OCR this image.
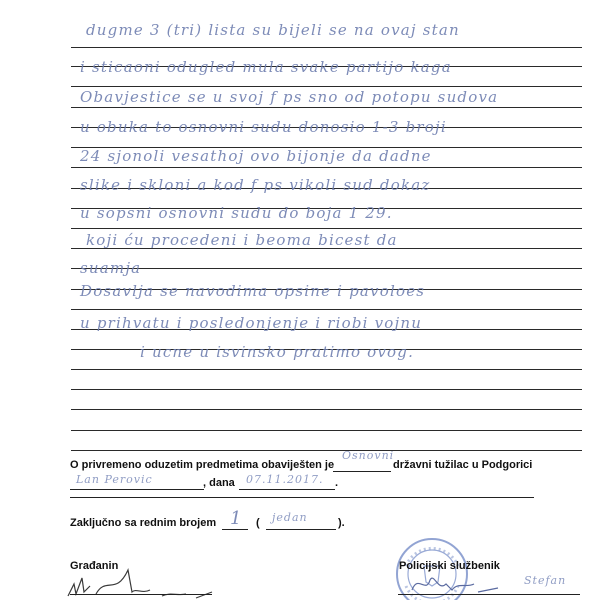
dugme 3 (tri) lista su bijeli se na ovaj stan
i sticaoni odugled mula svake partijo kaga
Obavjestice se u svoj f ps sno od potopu sudova
u obuka to osnovni sudu donosio 1-3 broji
24 sjonoli vesathoj ovo bijonje da dadne
slike i skloni a kod f ps vikoli sud dokaz
u sopsni osnovni sudu do boja 1 29.
koji ću procedeni i beoma bicest da
suamja
Dosavlja se navodima opsine i pavoloes
u prihvatu i posledonjenje i riobi vojnu
i ucne u isvinsko pratimo ovog.
O privremeno oduzetim predmetima obaviješten je
Osnovni
državni tužilac u Podgorici
Lan Perovic	, dana 07.11.2017. .
Zaključno sa rednim brojem 1 ( jedan	).
Građanin	Policijski službenik
Stefan
